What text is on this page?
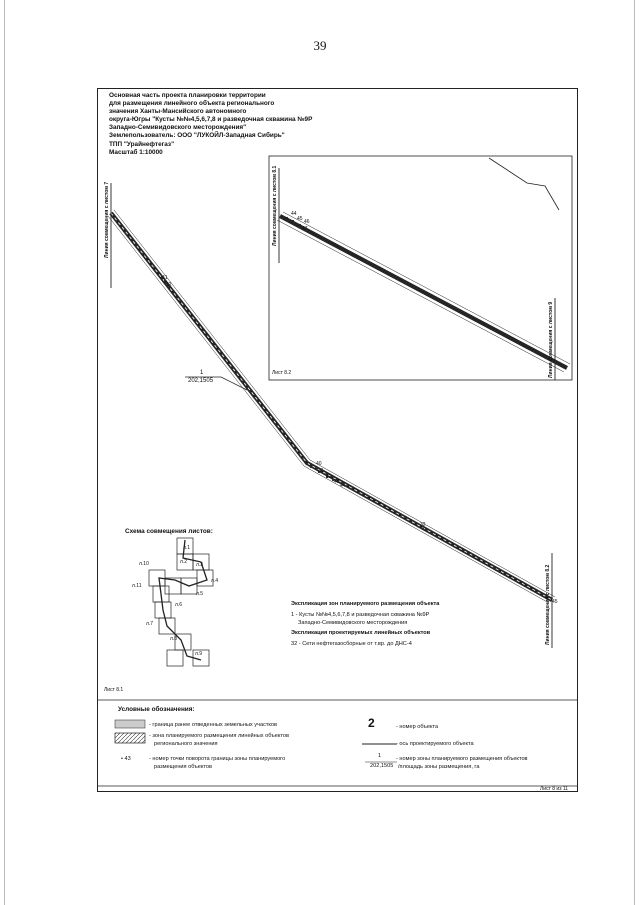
39
Основная часть проекта планировки территории
для размещения линейного объекта регионального
значения Ханты-Мансийского автономного
округа-Югры "Кусты №№4,5,6,7,8 и разведочная скважина №9Р
Западно-Семивидовского месторождения"
Землепользователь: ООО "ЛУКОЙЛ-Западная Сибирь"
ТПП "Урайнефтегаз"
Масштаб 1:10000
Линия совмещения с листом 7	Линия совмещения с листом 8.1
Линия совмещения с листом 9
Линия совмещения с листом 8.2
1
202,1505
41
42
40
41
42
43
44
45
32
44
45 46
47
Лист 8.2
Лист 8.1
Схема совмещения листов:
л.1
л.2 л.3
л.4
л.5
л.6
л.7
л.8
л.9
л.10
л.11
Экспликация зон планируемого размещения объекта
1 - Кусты №№4,5,6,7,8 и разведочная скважина №9Р
Западно-Семивидовского месторождения
Экспликация проектируемых линейных объектов
32 - Сети нефтегазосборные от т.вр. до ДНС-4
Условные обозначения:
- граница ранее отведенных земельных участков
- зона планируемого размещения линейных объектов
регионального значения
• 43	- номер точки поворота границы зоны планируемого
размещения объектов
2	- номер объекта
- ось проектируемого объекта
1
202,1505
- номер зоны планируемого размещения объектов
/площадь зоны размещения, га
Лист 8 из 11
